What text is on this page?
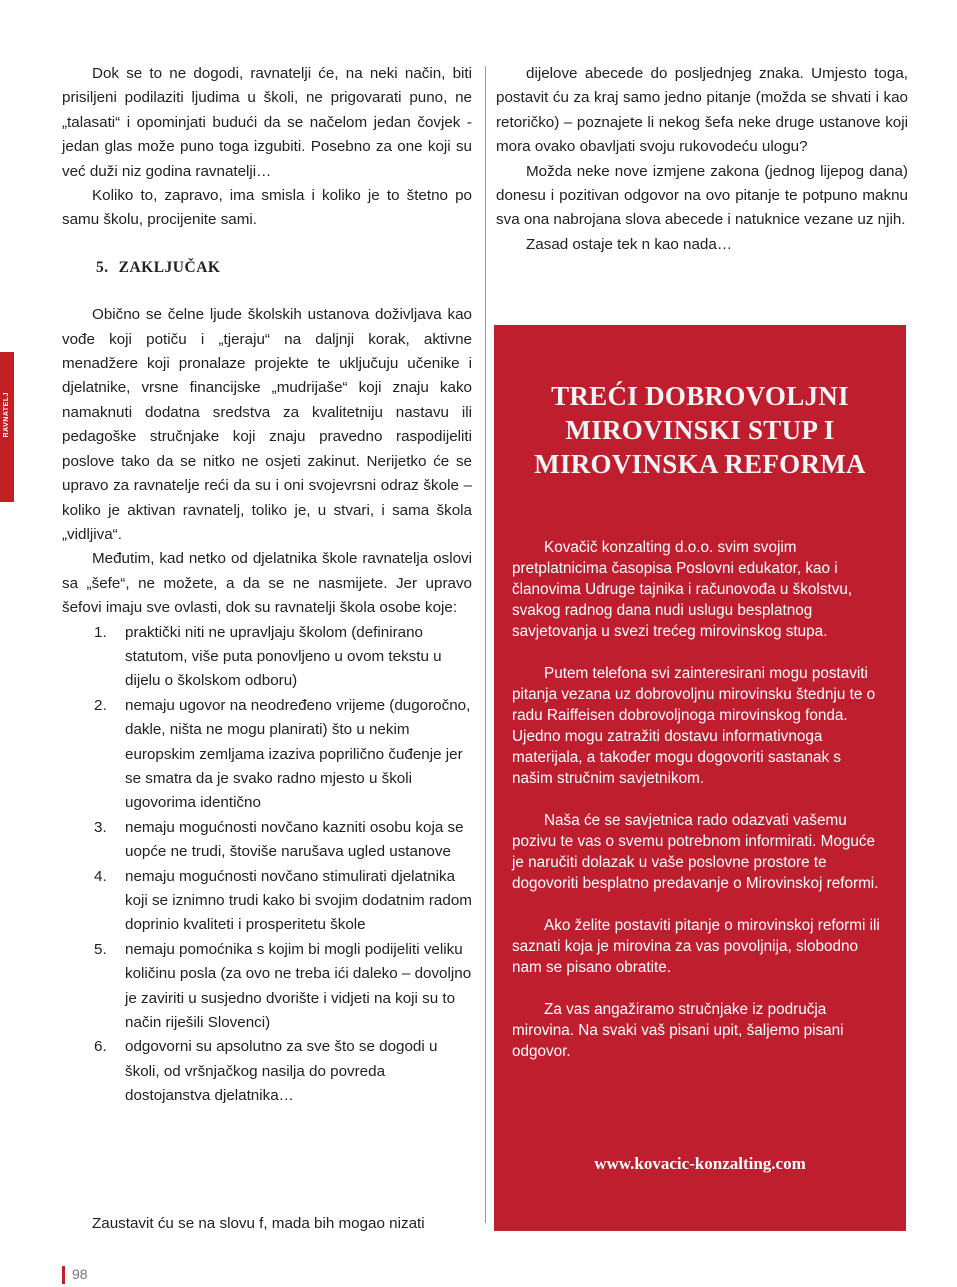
RAVNATELJ

Dok se to ne dogodi, ravnatelji će, na neki način, biti prisiljeni podilaziti ljudima u školi, ne prigovarati puno, ne „talasati“ i opominjati budući da se načelom jedan čovjek - jedan glas može puno toga izgubiti. Posebno za one koji su već duži niz godina ravnatelji…

Koliko to, zapravo, ima smisla i koliko je to štetno po samu školu, procijenite sami.

5. ZAKLJUČAK

Obično se čelne ljude školskih ustanova doživljava kao vođe koji potiču i „tjeraju“ na daljnji korak, aktivne menadžere koji pronalaze projekte te uključuju učenike i djelatnike, vrsne financijske „mudrijaše“ koji znaju kako namaknuti dodatna sredstva za kvalitetniju nastavu ili pedagoške stručnjake koji znaju pravedno raspodijeliti poslove tako da se nitko ne osjeti zakinut. Nerijetko će se upravo za ravnatelje reći da su i oni svojevrsni odraz škole – koliko je aktivan ravnatelj, toliko je, u stvari, i sama škola „vidljiva“.

Međutim, kad netko od djelatnika škole ravnatelja oslovi sa „šefe“, ne možete, a da se ne nasmijete. Jer upravo šefovi imaju sve ovlasti, dok su ravnatelji škola osobe koje:

1. praktički niti ne upravljaju školom (definirano statutom, više puta ponovljeno u ovom tekstu u dijelu o školskom odboru)
2. nemaju ugovor na neodređeno vrijeme (dugoročno, dakle, ništa ne mogu planirati) što u nekim europskim zemljama izaziva poprilično čuđenje jer se smatra da je svako radno mjesto u školi ugovorima identično
3. nemaju mogućnosti novčano kazniti osobu koja se uopće ne trudi, štoviše narušava ugled ustanove
4. nemaju mogućnosti novčano stimulirati djelatnika koji se iznimno trudi kako bi svojim dodatnim radom doprinio kvaliteti i prosperitetu škole
5. nemaju pomoćnika s kojim bi mogli podijeliti veliku količinu posla (za ovo ne treba ići daleko – dovoljno je zaviriti u susjedno dvorište i vidjeti na koji su to način riješili Slovenci)
6. odgovorni su apsolutno za sve što se dogodi u školi, od vršnjačkog nasilja do povreda dostojanstva djelatnika…

Zaustavit ću se na slovu f, mada bih mogao nizati

dijelove abecede do posljednjeg znaka. Umjesto toga, postavit ću za kraj samo jedno pitanje (možda se shvati i kao retoričko) – poznajete li nekog šefa neke druge ustanove koji mora ovako obavljati svoju rukovodeću ulogu?

Možda neke nove izmjene zakona (jednog lijepog dana) donesu i pozitivan odgovor na ovo pitanje te potpuno maknu sva ona nabrojana slova abecede i natuknice vezane uz njih.

Zasad ostaje tek n kao nada…

TREĆI DOBROVOLJNI
MIROVINSKI STUP I
MIROVINSKA REFORMA

Kovačič konzalting d.o.o. svim svojim pretplatnicima časopisa Poslovni edukator, kao i članovima Udruge tajnika i računovođa u školstvu, svakog radnog dana nudi uslugu besplatnog savjetovanja u svezi trećeg mirovinskog stupa.

Putem telefona svi zainteresirani mogu postaviti pitanja vezana uz dobrovoljnu mirovinsku štednju te o radu Raiffeisen dobrovoljnoga mirovinskog fonda. Ujedno mogu zatražiti dostavu informativnoga materijala, a također mogu dogovoriti sastanak s našim stručnim savjetnikom.

Naša će se savjetnica rado odazvati vašemu pozivu te vas o svemu potrebnom informirati. Moguće je naručiti dolazak u vaše poslovne prostore te dogovoriti besplatno predavanje o Mirovinskoj reformi.

Ako želite postaviti pitanje o mirovinskoj reformi ili saznati koja je mirovina za vas povoljnija, slobodno nam se pisano obratite.

Za vas angažiramo stručnjake iz područja mirovina. Na svaki vaš pisani upit, šaljemo pisani odgovor.

www.kovacic-konzalting.com
98
